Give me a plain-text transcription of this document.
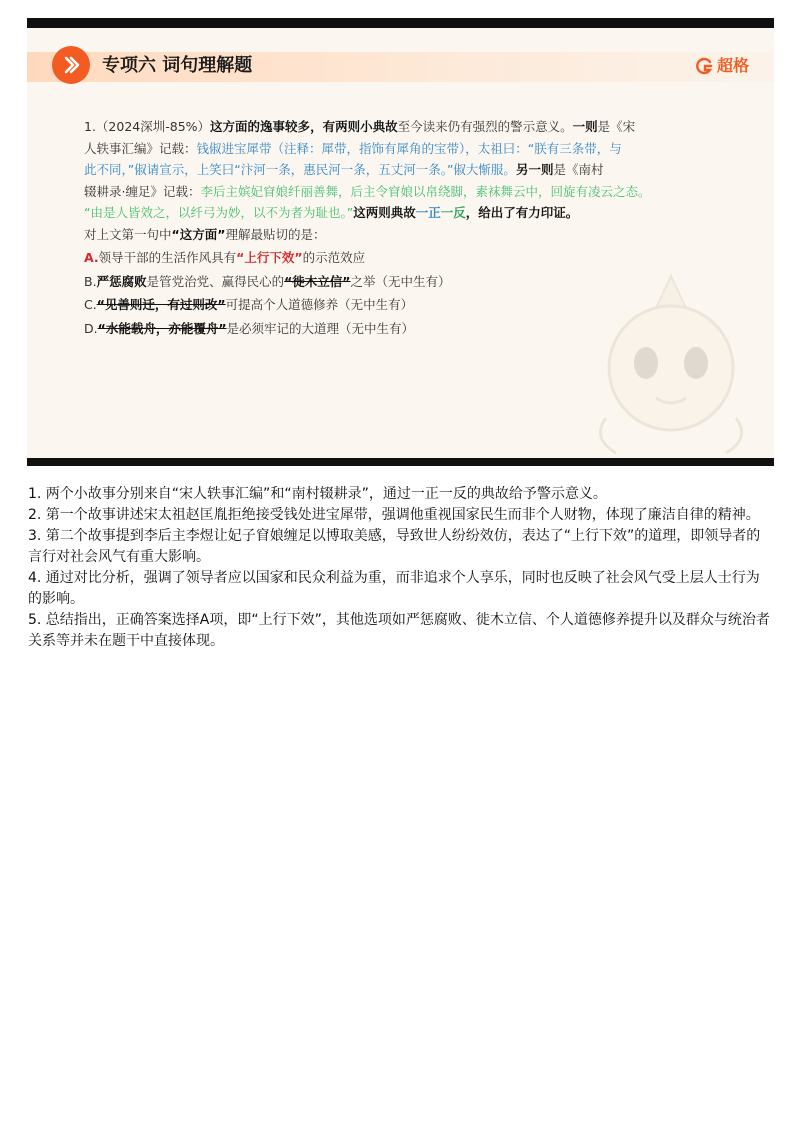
专项六 词句理解题	超格
1.（2024深圳-85%）这方面的逸事较多，有两则小典故至今读来仍有强烈的警示意义。一则是《宋
人轶事汇编》记载：钱俶进宝犀带（注释：犀带，指饰有犀角的宝带），太祖曰：“朕有三条带，与
此不同，”俶请宣示，上笑曰“汴河一条，惠民河一条，五丈河一条。”俶大惭服。另一则是《南村
辍耕录·缠足》记载：李后主嫔妃窅娘纤丽善舞，后主令窅娘以帛绕脚，素袜舞云中，回旋有凌云之态。
“由是人皆效之，以纤弓为妙，以不为者为耻也。”这两则典故一正一反，给出了有力印证。
对上文第一句中“这方面”理解最贴切的是：
A.领导干部的生活作风具有“上行下效”的示范效应
B.严惩腐败是管党治党、赢得民心的“徙木立信”之举（无中生有）
C.“见善则迁，有过则改”可提高个人道德修养（无中生有）
D.“水能载舟，亦能覆舟”是必须牢记的大道理（无中生有）

1. 两个小故事分别来自“宋人轶事汇编”和“南村辍耕录”，通过一正一反的典故给予警示意义。

2. 第一个故事讲述宋太祖赵匡胤拒绝接受钱处进宝犀带，强调他重视国家民生而非个人财物，体现了廉洁自律的精神。

3. 第二个故事提到李后主李煜让妃子窅娘缠足以博取美感，导致世人纷纷效仿，表达了“上行下效”的道理，即领导者的言行对社会风气有重大影响。

4. 通过对比分析，强调了领导者应以国家和民众利益为重，而非追求个人享乐，同时也反映了社会风气受上层人士行为的影响。

5. 总结指出，正确答案选择A项，即“上行下效”，其他选项如严惩腐败、徙木立信、个人道德修养提升以及群众与统治者关系等并未在题干中直接体现。
